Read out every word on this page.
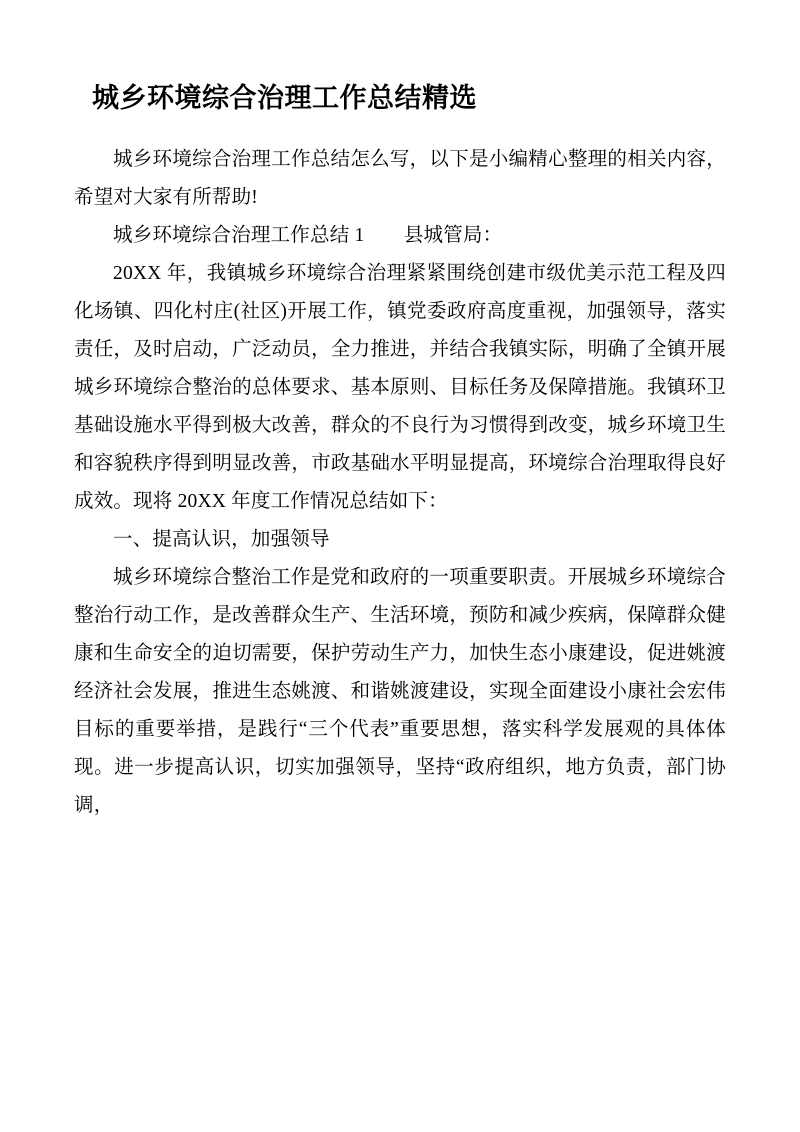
城乡环境综合治理工作总结精选

城乡环境综合治理工作总结怎么写，以下是小编精心整理的相关内容，希望对大家有所帮助!

城乡环境综合治理工作总结 1　　县城管局：

20XX 年，我镇城乡环境综合治理紧紧围绕创建市级优美示范工程及四化场镇、四化村庄(社区)开展工作，镇党委政府高度重视，加强领导，落实责任，及时启动，广泛动员，全力推进，并结合我镇实际，明确了全镇开展城乡环境综合整治的总体要求、基本原则、目标任务及保障措施。我镇环卫基础设施水平得到极大改善，群众的不良行为习惯得到改变，城乡环境卫生和容貌秩序得到明显改善，市政基础水平明显提高，环境综合治理取得良好成效。现将 20XX 年度工作情况总结如下：

一、提高认识，加强领导

城乡环境综合整治工作是党和政府的一项重要职责。开展城乡环境综合整治行动工作，是改善群众生产、生活环境，预防和减少疾病，保障群众健康和生命安全的迫切需要，保护劳动生产力，加快生态小康建设，促进姚渡经济社会发展，推进生态姚渡、和谐姚渡建设，实现全面建设小康社会宏伟目标的重要举措，是践行“三个代表”重要思想，落实科学发展观的具体体现。进一步提高认识，切实加强领导，坚持“政府组织，地方负责，部门协调，
